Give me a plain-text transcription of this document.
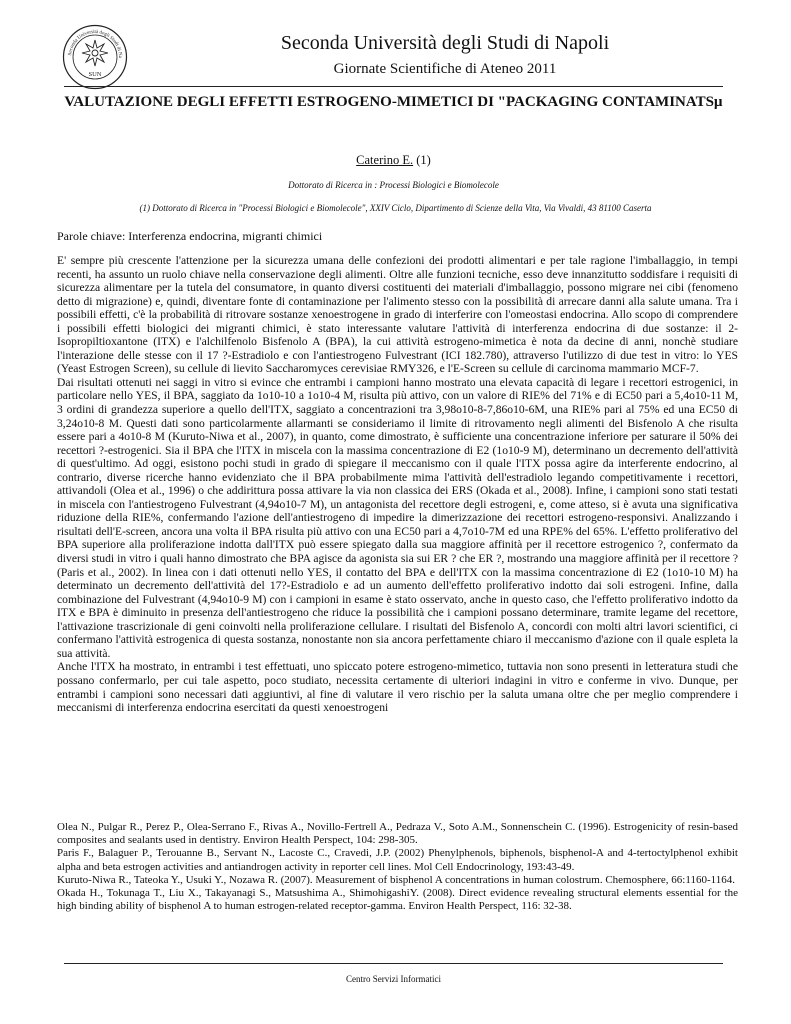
Seconda Università degli Studi di Na
SUN
Seconda Università degli Studi di Napoli
Giornate Scientifiche di Ateneo 2011
VALUTAZIONE DEGLI EFFETTI ESTROGENO-MIMETICI DI "PACKAGING CONTAMINATSµ
Caterino E. (1)
Dottorato di Ricerca in : Processi Biologici e Biomolecole
(1) Dottorato di Ricerca in "Processi Biologici e Biomolecole", XXIV Ciclo, Dipartimento di Scienze della Vita, Via Vivaldi, 43 81100 Caserta
Parole chiave: Interferenza endocrina, migranti chimici

E' sempre più crescente l'attenzione per la sicurezza umana delle confezioni dei prodotti alimentari e per tale ragione l'imballaggio, in tempi recenti, ha assunto un ruolo chiave nella conservazione degli alimenti. Oltre alle funzioni tecniche, esso deve innanzitutto soddisfare i requisiti di sicurezza alimentare per la tutela del consumatore, in quanto diversi costituenti dei materiali d'imballaggio, possono migrare nei cibi (fenomeno detto di migrazione) e, quindi, diventare fonte di contaminazione per l'alimento stesso con la possibilità di arrecare danni alla salute umana. Tra i possibili effetti, c'è la probabilità di ritrovare sostanze xenoestrogene in grado di interferire con l'omeostasi endocrina. Allo scopo di comprendere i possibili effetti biologici dei migranti chimici, è stato interessante valutare l'attività di interferenza endocrina di due sostanze: il 2-Isopropiltioxantone (ITX) e l'alchilfenolo Bisfenolo A (BPA), la cui attività estrogeno-mimetica è nota da decine di anni, nonchè studiare l'interazione delle stesse con il 17 ?-Estradiolo e con l'antiestrogeno Fulvestrant (ICI 182.780), attraverso l'utilizzo di due test in vitro: lo YES (Yeast Estrogen Screen), su cellule di lievito Saccharomyces cerevisiae RMY326, e l'E-Screen su cellule di carcinoma mammario MCF-7.

Dai risultati ottenuti nei saggi in vitro si evince che entrambi i campioni hanno mostrato una elevata capacità di legare i recettori estrogenici, in particolare nello YES, il BPA, saggiato da 1o10-10 a 1o10-4 M, risulta più attivo, con un valore di RIE% del 71% e di EC50 pari a 5,4o10-11 M, 3 ordini di grandezza superiore a quello dell'ITX, saggiato a concentrazioni tra 3,98o10-8-7,86o10-6M, una RIE% pari al 75% ed una EC50 di 3,24o10-8 M. Questi dati sono particolarmente allarmanti se consideriamo il limite di ritrovamento negli alimenti del Bisfenolo A che risulta essere pari a 4o10-8 M (Kuruto-Niwa et al., 2007), in quanto, come dimostrato, è sufficiente una concentrazione inferiore per saturare il 50% dei recettori ?-estrogenici. Sia il BPA che l'ITX in miscela con la massima concentrazione di E2 (1o10-9 M), determinano un decremento dell'attività di quest'ultimo. Ad oggi, esistono pochi studi in grado di spiegare il meccanismo con il quale l'ITX possa agire da interferente endocrino, al contrario, diverse ricerche hanno evidenziato che il BPA probabilmente mima l'attività dell'estradiolo legando competitivamente i recettori, attivandoli (Olea et al., 1996) o che addirittura possa attivare la via non classica dei ERS (Okada et al., 2008). Infine, i campioni sono stati testati in miscela con l'antiestrogeno Fulvestrant (4,94o10-7 M), un antagonista del recettore degli estrogeni, e, come atteso, si è avuta una significativa riduzione della RIE%, confermando l'azione dell'antiestrogeno di impedire la dimerizzazione dei recettori estrogeno-responsivi. Analizzando i risultati dell'E-screen, ancora una volta il BPA risulta più attivo con una EC50 pari a 4,7o10-7M ed una RPE% del 65%. L'effetto proliferativo del BPA superiore alla proliferazione indotta dall'ITX può essere spiegato dalla sua maggiore affinità per il recettore estrogenico ?, confermato da diversi studi in vitro i quali hanno dimostrato che BPA agisce da agonista sia sui ER ? che ER ?, mostrando una maggiore affinità per il recettore ? (Paris et al., 2002). In linea con i dati ottenuti nello YES, il contatto del BPA e dell'ITX con la massima concentrazione di E2 (1o10-10 M) ha determinato un decremento dell'attività del 17?-Estradiolo e ad un aumento dell'effetto proliferativo indotto dai soli estrogeni. Infine, dalla combinazione del Fulvestrant (4,94o10-9 M) con i campioni in esame è stato osservato, anche in questo caso, che l'effetto proliferativo indotto da ITX e BPA è diminuito in presenza dell'antiestrogeno che riduce la possibilità che i campioni possano determinare, tramite legame del recettore, l'attivazione trascrizionale di geni coinvolti nella proliferazione cellulare. I risultati del Bisfenolo A, concordi con molti altri lavori scientifici, ci confermano l'attività estrogenica di questa sostanza, nonostante non sia ancora perfettamente chiaro il meccanismo d'azione con il quale espleta la sua attività.

Anche l'ITX ha mostrato, in entrambi i test effettuati, uno spiccato potere estrogeno-mimetico, tuttavia non sono presenti in letteratura studi che possano confermarlo, per cui tale aspetto, poco studiato, necessita certamente di ulteriori indagini in vitro e conferme in vivo. Dunque, per entrambi i campioni sono necessari dati aggiuntivi, al fine di valutare il vero rischio per la saluta umana oltre che per meglio comprendere i meccanismi di interferenza endocrina esercitati da questi xenoestrogeni

Olea N., Pulgar R., Perez P., Olea-Serrano F., Rivas A., Novillo-Fertrell A., Pedraza V., Soto A.M., Sonnenschein C. (1996). Estrogenicity of resin-based composites and sealants used in dentistry. Environ Health Perspect, 104: 298-305.

Paris F., Balaguer P., Terouanne B., Servant N., Lacoste C., Cravedi, J.P. (2002) Phenylphenols, biphenols, bisphenol-A and 4-tertoctylphenol exhibit alpha and beta estrogen activities and antiandrogen activity in reporter cell lines. Mol Cell Endocrinology, 193:43-49.

Kuruto-Niwa R., Tateoka Y., Usuki Y., Nozawa R. (2007). Measurement of bisphenol A concentrations in human colostrum. Chemosphere, 66:1160-1164.

Okada H., Tokunaga T., Liu X., Takayanagi S., Matsushima A., ShimohigashiY. (2008). Direct evidence revealing structural elements essential for the high binding ability of bisphenol A to human estrogen-related receptor-gamma. Environ Health Perspect, 116: 32-38.

Centro Servizi Informatici
